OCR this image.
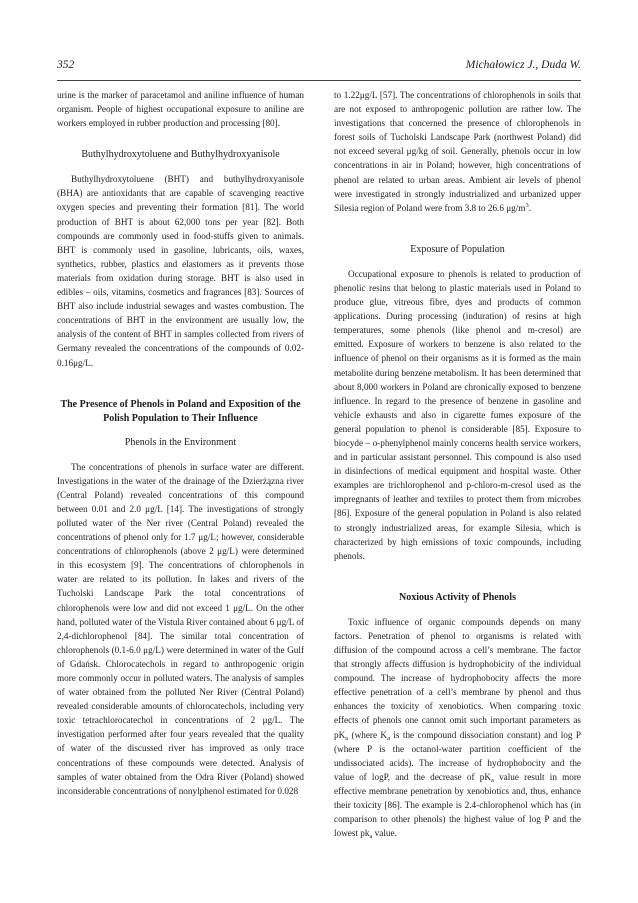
352	Michałowicz J., Duda W.

urine is the marker of paracetamol and aniline influence of human organism. People of highest occupational exposure to aniline are workers employed in rubber production and processing [80].

Buthylhydroxytoluene and Buthylhydroxyanisole

Buthylhydroxytoluene (BHT) and buthylhydroxyanisole (BHA) are antioxidants that are capable of scavenging reactive oxygen species and preventing their formation [81]. The world production of BHT is about 62,000 tons per year [82]. Both compounds are commonly used in food-stuffs given to animals. BHT is commonly used in gasoline, lubricants, oils, waxes, synthetics, rubber, plastics and elastomers as it prevents those materials from oxidation during storage. BHT is also used in edibles – oils, vitamins, cosmetics and fragrances [83]. Sources of BHT also include industrial sewages and wastes combustion. The concentrations of BHT in the environment are usually low, the analysis of the content of BHT in samples collected from rivers of Germany revealed the concentrations of the compounds of 0.02-0.16μg/L.

The Presence of Phenols in Poland and Exposition of the Polish Population to Their Influence

Phenols in the Environment

The concentrations of phenols in surface water are different. Investigations in the water of the drainage of the Dzierżązna river (Central Poland) revealed concentrations of this compound between 0.01 and 2.0 μg/L [14]. The investigations of strongly polluted water of the Ner river (Central Poland) revealed the concentrations of phenol only for 1.7 μg/L; however, considerable concentrations of chlorophenols (above 2 μg/L) were determined in this ecosystem [9]. The concentrations of chlorophenols in water are related to its pollution. In lakes and rivers of the Tucholski Landscape Park the total concentrations of chlorophenols were low and did not exceed 1 μg/L. On the other hand, polluted water of the Vistula River contained about 6 μg/L of 2,4-dichlorophenol [84]. The similar total concentration of chlorophenols (0.1-6.0 μg/L) were determined in water of the Gulf of Gdańsk. Chlorocatechols in regard to anthropogenic origin more commonly occur in polluted waters. The analysis of samples of water obtained from the polluted Ner River (Central Poland) revealed considerable amounts of chlorocatechols, including very toxic tetrachlorocatechol in concentrations of 2 μg/L. The investigation performed after four years revealed that the quality of water of the discussed river has improved as only trace concentrations of these compounds were detected. Analysis of samples of water obtained from the Odra River (Poland) showed inconsiderable concentrations of nonylphenol estimated for 0.028

to 1.22μg/L [57]. The concentrations of chlorophenols in soils that are not exposed to anthropogenic pollution are rather low. The investigations that concerned the presence of chlorophenols in forest soils of Tucholski Landscape Park (northwest Poland) did not exceed several μg/kg of soil. Generally, phenols occur in low concentrations in air in Poland; however, high concentrations of phenol are related to urban areas. Ambient air levels of phenol were investigated in strongly industrialized and urbanized upper Silesia region of Poland were from 3.8 to 26.6 $\mu g/m^3$.

Exposure of Population

Occupational exposure to phenols is related to production of phenolic resins that belong to plastic materials used in Poland to produce glue, vitreous fibre, dyes and products of common applications. During processing (induration) of resins at high temperatures, some phenols (like phenol and m-cresol) are emitted. Exposure of workers to benzene is also related to the influence of phenol on their organisms as it is formed as the main metabolite during benzene metabolism. It has been determined that about 8,000 workers in Poland are chronically exposed to benzene influence. In regard to the presence of benzene in gasoline and vehicle exhausts and also in cigarette fumes exposure of the general population to phenol is considerable [85]. Exposure to biocyde – o-phenylphenol mainly concerns health service workers, and in particular assistant personnel. This compound is also used in disinfections of medical equipment and hospital waste. Other examples are trichlorophenol and p-chloro-m-cresol used as the impregnants of leather and textiles to protect them from microbes [86]. Exposure of the general population in Poland is also related to strongly industrialized areas, for example Silesia, which is characterized by high emissions of toxic compounds, including phenols.

Noxious Activity of Phenols

Toxic influence of organic compounds depends on many factors. Penetration of phenol to organisms is related with diffusion of the compound across a cell’s membrane. The factor that strongly affects diffusion is hydrophobicity of the individual compound. The increase of hydrophobocity affects the more effective penetration of a cell’s membrane by phenol and thus enhances the toxicity of xenobiotics. When comparing toxic effects of phenols one cannot omit such important parameters as $pK_a$ (where $K_a$ is the compound dissociation constant) and log P (where P is the octanol-water partition coefficient of the undissociated acids). The increase of hydrophobocity and the value of logP, and the decrease of $pK_a$ value result in more effective membrane penetration by xenobiotics and, thus, enhance their toxicity [86]. The example is 2.4-chlorophenol which has (in comparison to other phenols) the highest value of log P and the lowest $pk_a$ value.
